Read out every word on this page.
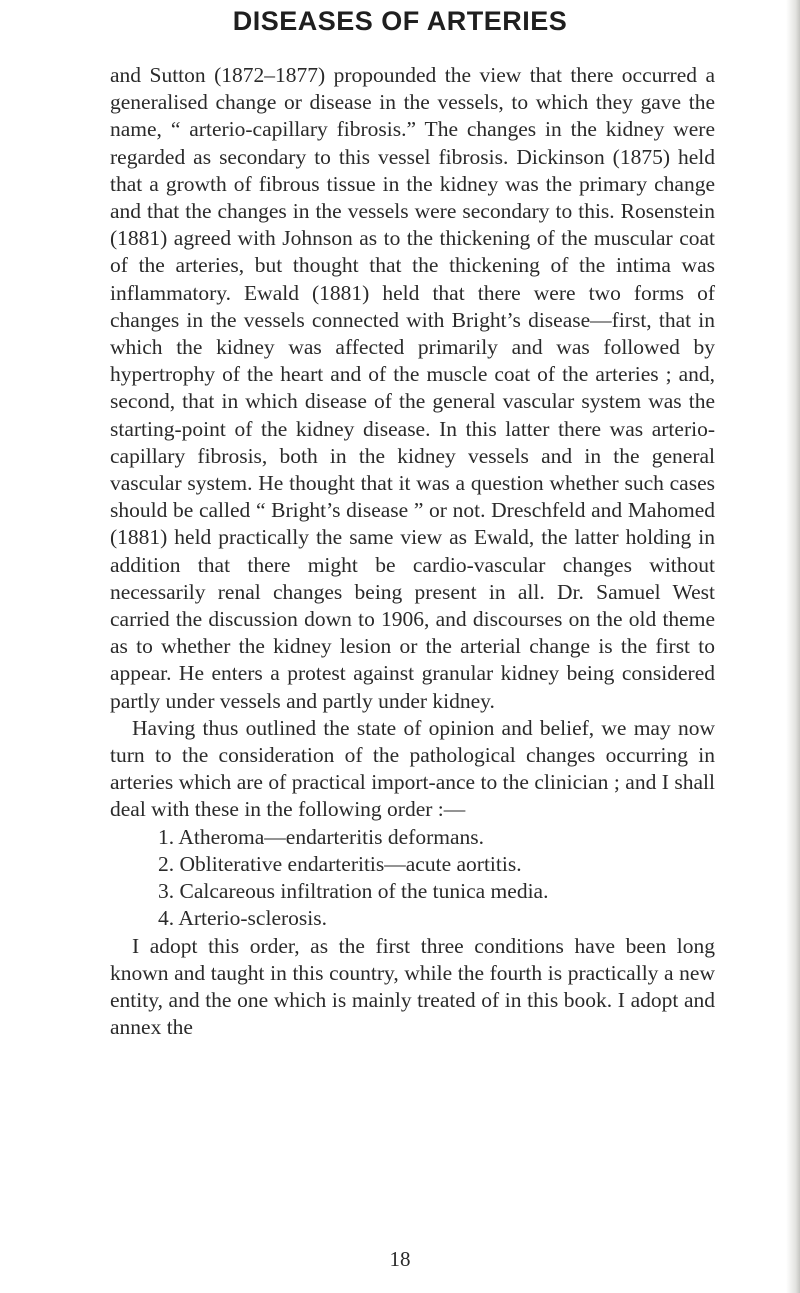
DISEASES OF ARTERIES

and Sutton (1872–1877) propounded the view that there occurred a generalised change or disease in the vessels, to which they gave the name, “ arterio-capillary fibrosis.” The changes in the kidney were regarded as secondary to this vessel fibrosis. Dickinson (1875) held that a growth of fibrous tissue in the kidney was the primary change and that the changes in the vessels were secondary to this. Rosenstein (1881) agreed with Johnson as to the thickening of the muscular coat of the arteries, but thought that the thickening of the intima was inflammatory. Ewald (1881) held that there were two forms of changes in the vessels connected with Bright’s disease—first, that in which the kidney was affected primarily and was followed by hypertrophy of the heart and of the muscle coat of the arteries ; and, second, that in which disease of the general vascular system was the starting-point of the kidney disease. In this latter there was arterio-capillary fibrosis, both in the kidney vessels and in the general vascular system. He thought that it was a question whether such cases should be called “ Bright’s disease ” or not. Dreschfeld and Mahomed (1881) held practically the same view as Ewald, the latter holding in addition that there might be cardio-vascular changes without necessarily renal changes being present in all. Dr. Samuel West carried the discussion down to 1906, and discourses on the old theme as to whether the kidney lesion or the arterial change is the first to appear. He enters a protest against granular kidney being considered partly under vessels and partly under kidney.

Having thus outlined the state of opinion and belief, we may now turn to the consideration of the pathological changes occurring in arteries which are of practical import-ance to the clinician ; and I shall deal with these in the following order :—

1. Atheroma—endarteritis deformans.
2. Obliterative endarteritis—acute aortitis.
3. Calcareous infiltration of the tunica media.
4. Arterio-sclerosis.

I adopt this order, as the first three conditions have been long known and taught in this country, while the fourth is practically a new entity, and the one which is mainly treated of in this book. I adopt and annex the

18
